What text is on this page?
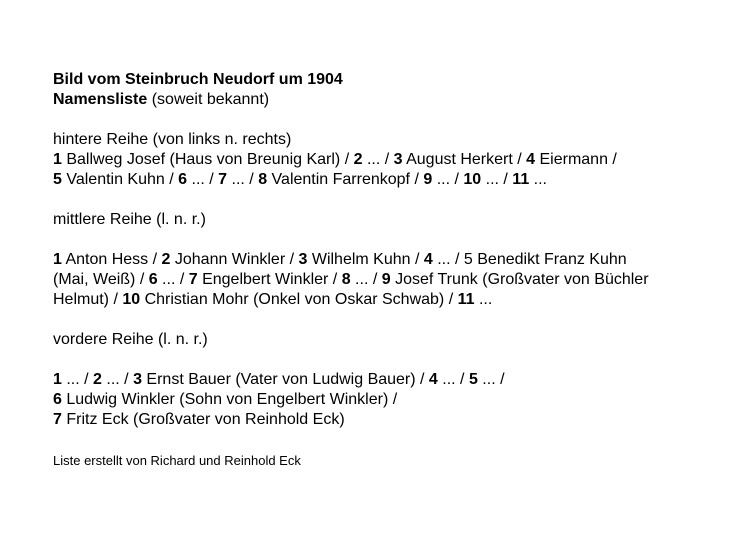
Bild vom Steinbruch Neudorf um 1904

Namensliste (soweit bekannt)

hintere Reihe (von links n. rechts)

1 Ballweg Josef (Haus von Breunig Karl) / 2 ... / 3 August Herkert / 4 Eiermann /
5 Valentin Kuhn / 6 ... / 7 ... / 8 Valentin Farrenkopf / 9 ... / 10 ... / 11 ...

mittlere Reihe (l. n. r.)

1 Anton Hess / 2 Johann Winkler / 3 Wilhelm Kuhn / 4 ... / 5 Benedikt Franz Kuhn
(Mai, Weiß) / 6 ... / 7 Engelbert Winkler / 8 ... / 9 Josef Trunk (Großvater von Büchler
Helmut) / 10 Christian Mohr (Onkel von Oskar Schwab) / 11 ...

vordere Reihe (l. n. r.)

1 ... / 2 ... / 3 Ernst Bauer (Vater von Ludwig Bauer) / 4 ... / 5 ... /
6 Ludwig Winkler (Sohn von Engelbert Winkler) /
7 Fritz Eck (Großvater von Reinhold Eck)

Liste erstellt von Richard und Reinhold Eck
